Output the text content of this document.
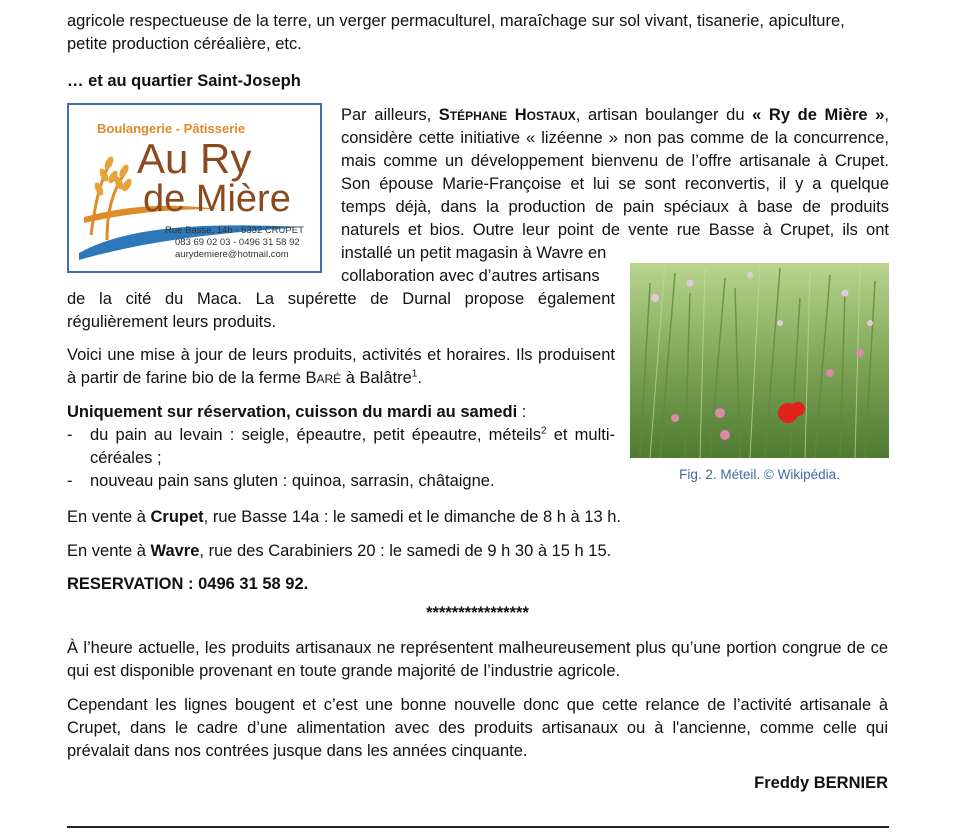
agricole respectueuse de la terre, un verger permaculturel, maraîchage sur sol vivant, tisanerie, apiculture,
petite production céréalière, etc.

… et au quartier Saint-Joseph

Boulangerie - Pâtisserie
Au Ry
de Mière
Rue Basse, 14b - 5332 CRUPET
083 69 02 03 - 0496 31 58 92
aurydemiere@hotmail.com

Par ailleurs, Stéphane Hostaux, artisan boulanger du « Ry de Mière », considère cette initiative « lizéenne » non pas comme de la concurrence, mais comme un développement bienvenu de l’offre artisanale à Crupet. Son épouse Marie-Françoise et lui se sont reconvertis, il y a quelque temps déjà, dans la production de pain spéciaux à base de produits naturels et bios. Outre leur point de vente rue Basse à Crupet, ils ont installé un petit magasin à Wavre en

collaboration avec d’autres artisans

de la cité du Maca. La supérette de Durnal propose également régulièrement leurs produits.

Fig. 2. Méteil. © Wikipédia.

Voici une mise à jour de leurs produits, activités et horaires. Ils produisent à partir de farine bio de la ferme Baré à Balâtre$^1$.

Uniquement sur réservation, cuisson du mardi au samedi :

- du pain au levain : seigle, épeautre, petit épeautre, méteils$^2$ et multi-céréales ;
- nouveau pain sans gluten : quinoa, sarrasin, châtaigne.

En vente à Crupet, rue Basse 14a : le samedi et le dimanche de 8 h à 13 h.

En vente à Wavre, rue des Carabiniers 20 : le samedi de 9 h 30 à 15 h 15.

RESERVATION : 0496 31 58 92.

****************

À l’heure actuelle, les produits artisanaux ne représentent malheureusement plus qu’une portion congrue de ce qui est disponible provenant en toute grande majorité de l’industrie agricole.

Cependant les lignes bougent et c’est une bonne nouvelle donc que cette relance de l’activité artisanale à Crupet, dans le cadre d’une alimentation avec des produits artisanaux ou à l'ancienne, comme celle qui prévalait dans nos contrées jusque dans les années cinquante.

Freddy BERNIER
